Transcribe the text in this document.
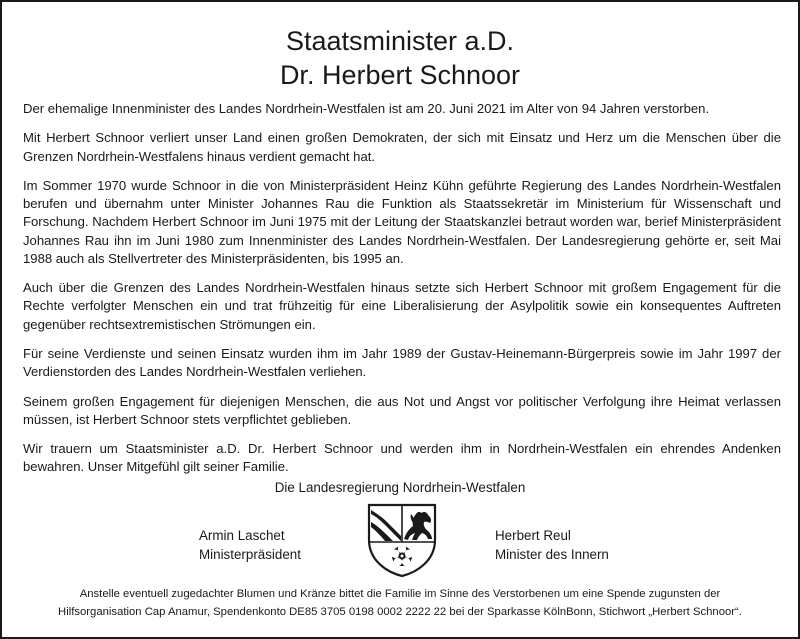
Staatsminister a.D.
Dr. Herbert Schnoor

Der ehemalige Innenminister des Landes Nordrhein-Westfalen ist am 20. Juni 2021 im Alter von 94 Jahren verstorben.

Mit Herbert Schnoor verliert unser Land einen großen Demokraten, der sich mit Einsatz und Herz um die Menschen über die Grenzen Nordrhein-Westfalens hinaus verdient gemacht hat.

Im Sommer 1970 wurde Schnoor in die von Ministerpräsident Heinz Kühn geführte Regierung des Landes Nordrhein-Westfalen berufen und übernahm unter Minister Johannes Rau die Funktion als Staatssekretär im Ministerium für Wissenschaft und Forschung. Nachdem Herbert Schnoor im Juni 1975 mit der Leitung der Staatskanzlei betraut worden war, berief Ministerpräsident Johannes Rau ihn im Juni 1980 zum Innenminister des Landes Nordrhein-Westfalen. Der Landesregierung gehörte er, seit Mai 1988 auch als Stellvertreter des Ministerpräsidenten, bis 1995 an.

Auch über die Grenzen des Landes Nordrhein-Westfalen hinaus setzte sich Herbert Schnoor mit großem Engagement für die Rechte verfolgter Menschen ein und trat frühzeitig für eine Liberalisierung der Asylpolitik sowie ein konsequentes Auftreten gegenüber rechtsextremistischen Strömungen ein.

Für seine Verdienste und seinen Einsatz wurden ihm im Jahr 1989 der Gustav-Heinemann-Bürgerpreis sowie im Jahr 1997 der Verdienstorden des Landes Nordrhein-Westfalen verliehen.

Seinem großen Engagement für diejenigen Menschen, die aus Not und Angst vor politischer Verfolgung ihre Heimat verlassen müssen, ist Herbert Schnoor stets verpflichtet geblieben.

Wir trauern um Staatsminister a.D. Dr. Herbert Schnoor und werden ihm in Nordrhein-Westfalen ein ehrendes Andenken bewahren. Unser Mitgefühl gilt seiner Familie.

Die Landesregierung Nordrhein-Westfalen
Armin Laschet
Ministerpräsident
Herbert Reul
Minister des Innern
Anstelle eventuell zugedachter Blumen und Kränze bittet die Familie im Sinne des Verstorbenen um eine Spende zugunsten der
Hilfsorganisation Cap Anamur, Spendenkonto DE85 3705 0198 0002 2222 22 bei der Sparkasse KölnBonn, Stichwort „Herbert Schnoor“.
